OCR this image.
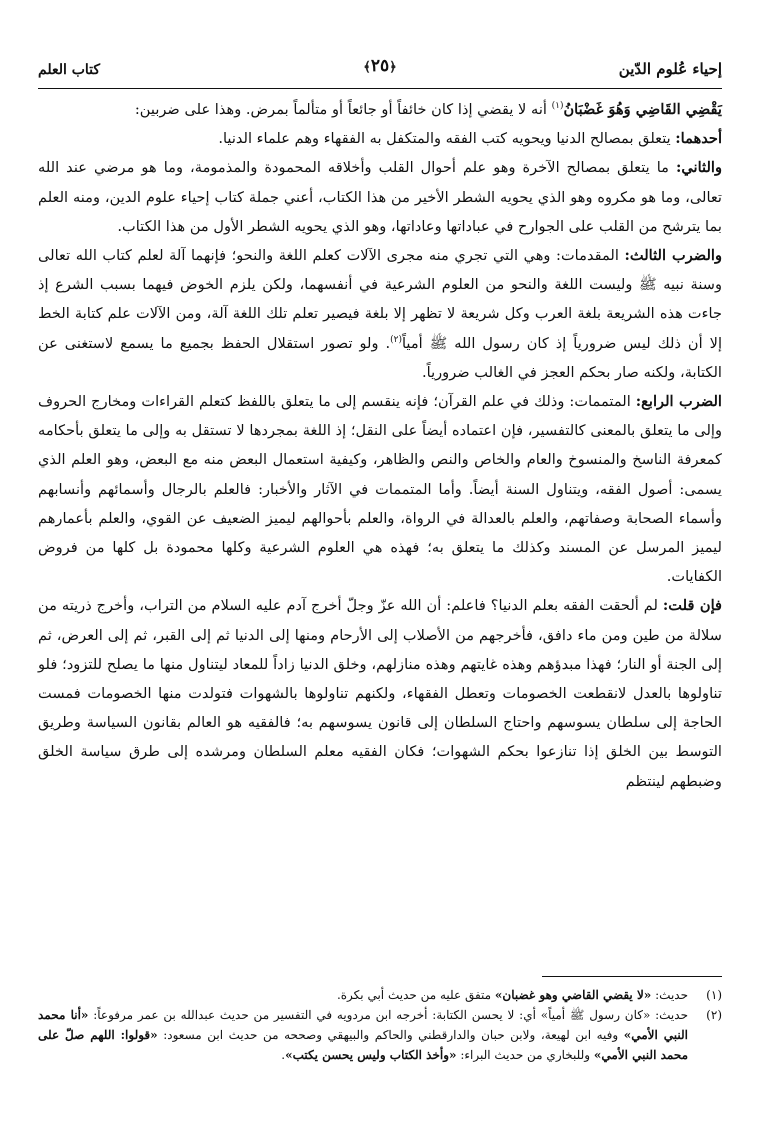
إحياء عُلوم الدّين
﴿٢٥﴾
كتاب العلم

يَقْضِي القَاضِي وَهُوَ غَضْبَانُ$^{(١)}$ أنه لا يقضي إذا كان خائفاً أو جائعاً أو متألماً بمرض. وهذا على ضربين:

أحدهما: يتعلق بمصالح الدنيا ويحويه كتب الفقه والمتكفل به الفقهاء وهم علماء الدنيا.

والثاني: ما يتعلق بمصالح الآخرة وهو علم أحوال القلب وأخلاقه المحمودة والمذمومة، وما هو مرضي عند الله تعالى، وما هو مكروه وهو الذي يحويه الشطر الأخير من هذا الكتاب، أعني جملة كتاب إحياء علوم الدين، ومنه العلم بما يترشح من القلب على الجوارح في عباداتها وعاداتها، وهو الذي يحويه الشطر الأول من هذا الكتاب.

والضرب الثالث: المقدمات: وهي التي تجري منه مجرى الآلات كعلم اللغة والنحو؛ فإنهما آلة لعلم كتاب الله تعالى وسنة نبيه ﷺ وليست اللغة والنحو من العلوم الشرعية في أنفسهما، ولكن يلزم الخوض فيهما بسبب الشرع إذ جاءت هذه الشريعة بلغة العرب وكل شريعة لا تظهر إلا بلغة فيصير تعلم تلك اللغة آلة، ومن الآلات علم كتابة الخط إلا أن ذلك ليس ضرورياً إذ كان رسول الله ﷺ أمياً$^{(٢)}$. ولو تصور استقلال الحفظ بجميع ما يسمع لاستغنى عن الكتابة، ولكنه صار بحكم العجز في الغالب ضرورياً.

الضرب الرابع: المتممات: وذلك في علم القرآن؛ فإنه ينقسم إلى ما يتعلق باللفظ كتعلم القراءات ومخارج الحروف وإلى ما يتعلق بالمعنى كالتفسير، فإن اعتماده أيضاً على النقل؛ إذ اللغة بمجردها لا تستقل به وإلى ما يتعلق بأحكامه كمعرفة الناسخ والمنسوخ والعام والخاص والنص والظاهر، وكيفية استعمال البعض منه مع البعض، وهو العلم الذي يسمى: أصول الفقه، ويتناول السنة أيضاً. وأما المتممات في الآثار والأخبار: فالعلم بالرجال وأسمائهم وأنسابهم وأسماء الصحابة وصفاتهم، والعلم بالعدالة في الرواة، والعلم بأحوالهم ليميز الضعيف عن القوي، والعلم بأعمارهم ليميز المرسل عن المسند وكذلك ما يتعلق به؛ فهذه هي العلوم الشرعية وكلها محمودة بل كلها من فروض الكفايات.

فإن قلت: لم ألحقت الفقه بعلم الدنيا؟ فاعلم: أن الله عزّ وجلّ أخرج آدم عليه السلام من التراب، وأخرج ذريته من سلالة من طين ومن ماء دافق، فأخرجهم من الأصلاب إلى الأرحام ومنها إلى الدنيا ثم إلى القبر، ثم إلى العرض، ثم إلى الجنة أو النار؛ فهذا مبدؤهم وهذه غايتهم وهذه منازلهم، وخلق الدنيا زاداً للمعاد ليتناول منها ما يصلح للتزود؛ فلو تناولوها بالعدل لانقطعت الخصومات وتعطل الفقهاء، ولكنهم تناولوها بالشهوات فتولدت منها الخصومات فمست الحاجة إلى سلطان يسوسهم واحتاج السلطان إلى قانون يسوسهم به؛ فالفقيه هو العالم بقانون السياسة وطريق التوسط بين الخلق إذا تنازعوا بحكم الشهوات؛ فكان الفقيه معلم السلطان ومرشده إلى طرق سياسة الخلق وضبطهم لينتظم

(١)
حديث: «لا يقضي القاضي وهو غضبان» متفق عليه من حديث أبي بكرة.
(٢)
حديث: «كان رسول ﷺ أمياً» أي: لا يحسن الكتابة: أخرجه ابن مردويه في التفسير من حديث عبدالله بن عمر مرفوعاً: «أنا محمد النبي الأمي» وفيه ابن لهيعة، ولابن حبان والدارقطني والحاكم والبيهقي وصححه من حديث ابن مسعود: «قولوا: اللهم صلّ على محمد النبي الأمي» وللبخاري من حديث البراء: «وأخذ الكتاب وليس يحسن يكتب».
